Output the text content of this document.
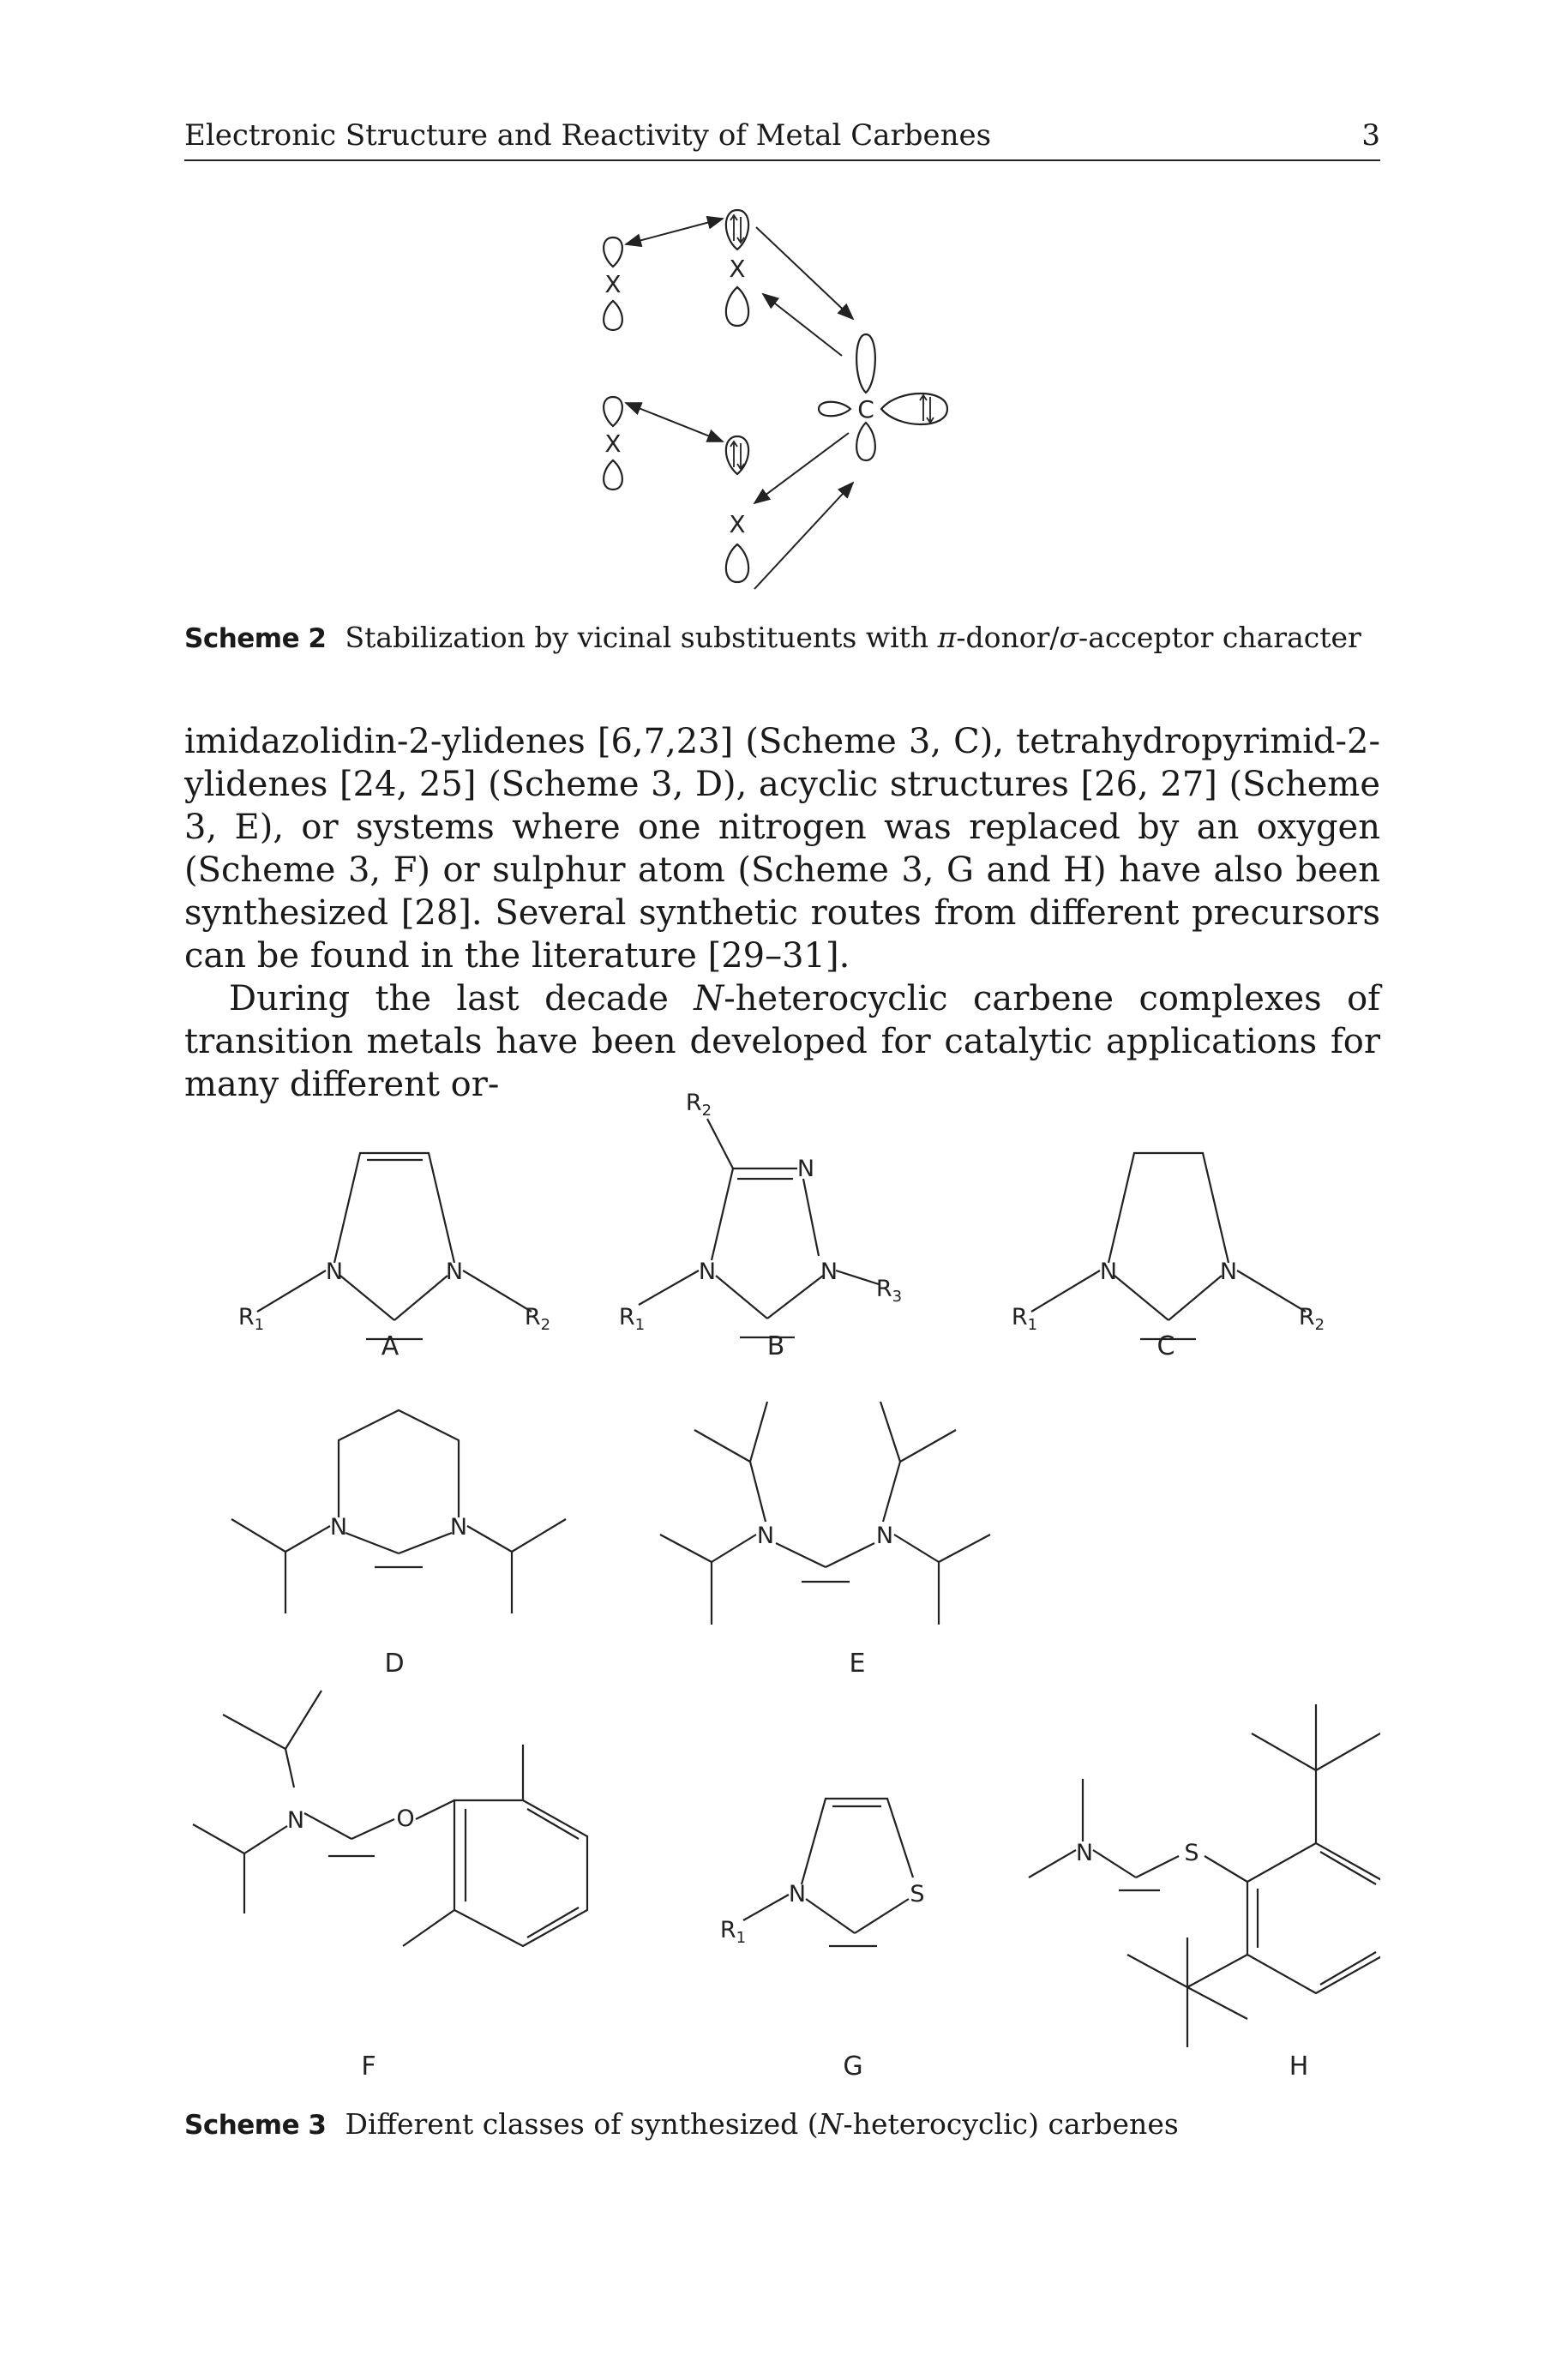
Electronic Structure and Reactivity of Metal Carbenes	3
X
X
X
X
C
Scheme 2 Stabilization by vicinal substituents with π-donor/σ-acceptor character

imidazolidin-2-ylidenes [6,7,23] (Scheme 3, C), tetrahydropyrimid-2-ylidenes [24, 25] (Scheme 3, D), acyclic structures [26, 27] (Scheme 3, E), or systems where one nitrogen was replaced by an oxygen (Scheme 3, F) or sulphur atom (Scheme 3, G and H) have also been synthesized [28]. Several synthetic routes from different precursors can be found in the literature [29–31].

During the last decade N-heterocyclic carbene complexes of transition metals have been developed for catalytic applications for many different or-

N	N
$R_1$	$R_2$
$R_2$
N
N	N
$R_1$
$R_3$
N	N
$R_1$	$R_2$
N	N	N	N
N	O
N	S
$R_1$
N	S
A	B	C
D	E
F	G	H
Scheme 3 Different classes of synthesized (N-heterocyclic) carbenes
